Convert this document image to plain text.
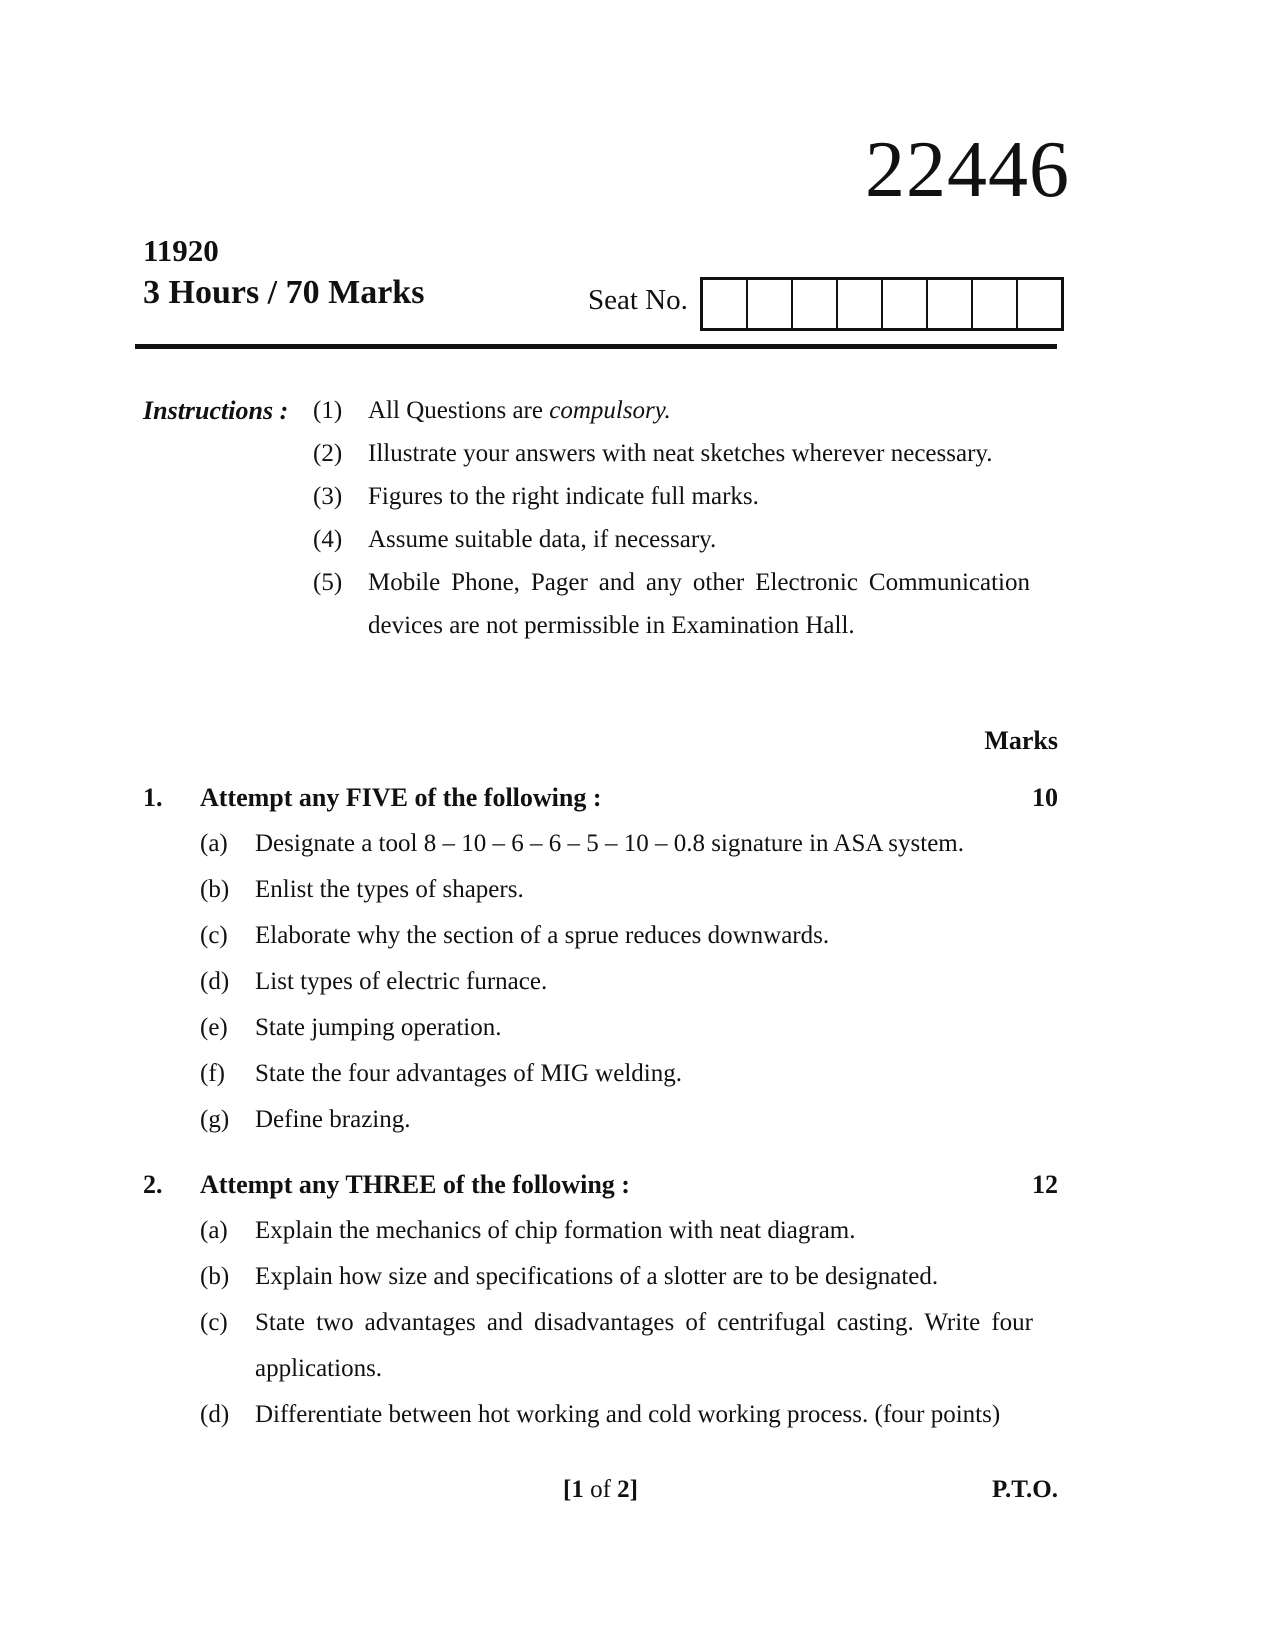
22446
11920
3 Hours / 70 Marks	Seat No.
Instructions : (1)	All Questions are compulsory.
(2)	Illustrate your answers with neat sketches wherever necessary.
(3)	Figures to the right indicate full marks.
(4)	Assume suitable data, if necessary.
(5)	Mobile Phone, Pager and any other Electronic Communication devices are not permissible in Examination Hall.
Marks
1.	Attempt any FIVE of the following :	10
(a)	Designate a tool 8 – 10 – 6 – 6 – 5 – 10 – 0.8 signature in ASA system.
(b)	Enlist the types of shapers.
(c)	Elaborate why the section of a sprue reduces downwards.
(d)	List types of electric furnace.
(e)	State jumping operation.
(f)	State the four advantages of MIG welding.
(g)	Define brazing.
2.	Attempt any THREE of the following :	12
(a)	Explain the mechanics of chip formation with neat diagram.
(b)	Explain how size and specifications of a slotter are to be designated.
(c)	State two advantages and disadvantages of centrifugal casting. Write four applications.
(d)	Differentiate between hot working and cold working process. (four points)
[1 of 2]	P.T.O.
